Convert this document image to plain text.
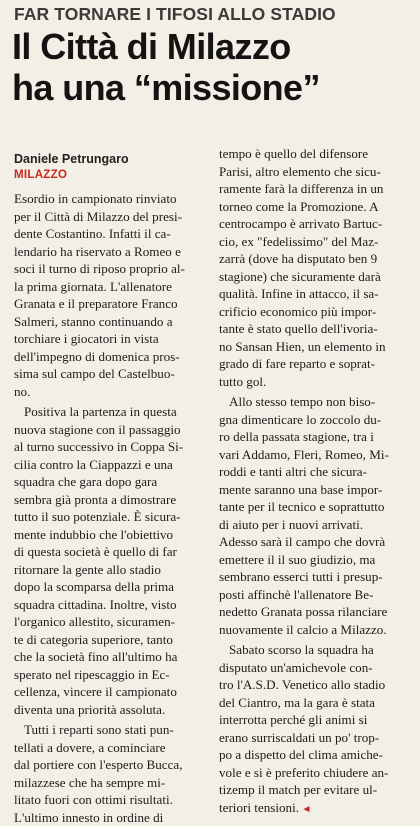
FAR TORNARE I TIFOSI ALLO STADIO
Il Città di Milazzo
ha una “missione”
Daniele Petrungaro
MILAZZO

Esordio in campionato rinviato

per il Città di Milazzo del presi-

dente Costantino. Infatti il ca-

lendario ha riservato a Romeo e

soci il turno di riposo proprio al-

la prima giornata. L'allenatore

Granata e il preparatore Franco

Salmeri, stanno continuando a

torchiare i giocatori in vista

dell'impegno di domenica pros-

sima sul campo del Castelbuo-

no.

Positiva la partenza in questa

nuova stagione con il passaggio

al turno successivo in Coppa Si-

cilia contro la Ciappazzi e una

squadra che gara dopo gara

sembra già pronta a dimostrare

tutto il suo potenziale. È sicura-

mente indubbio che l'obiettivo

di questa società è quello di far

ritornare la gente allo stadio

dopo la scomparsa della prima

squadra cittadina. Inoltre, visto

l'organico allestito, sicuramen-

te di categoria superiore, tanto

che la società fino all'ultimo ha

sperato nel ripescaggio in Ec-

cellenza, vincere il campionato

diventa una priorità assoluta.

Tutti i reparti sono stati pun-

tellati a dovere, a cominciare

dal portiere con l'esperto Bucca,

milazzese che ha sempre mi-

litato fuori con ottimi risultati.

L'ultimo innesto in ordine di

tempo è quello del difensore

Parisi, altro elemento che sicu-

ramente farà la differenza in un

torneo come la Promozione. A

centrocampo è arrivato Bartuc-

cio, ex "fedelissimo" del Maz-

zarrà (dove ha disputato ben 9

stagione) che sicuramente darà

qualità. Infine in attacco, il sa-

crificio economico più impor-

tante è stato quello dell'ivoria-

no Sansan Hien, un elemento in

grado di fare reparto e soprat-

tutto gol.

Allo stesso tempo non biso-

gna dimenticare lo zoccolo du-

ro della passata stagione, tra i

vari Addamo, Fleri, Romeo, Mi-

roddi e tanti altri che sicura-

mente saranno una base impor-

tante per il tecnico e soprattutto

di aiuto per i nuovi arrivati.

Adesso sarà il campo che dovrà

emettere il il suo giudizio, ma

sembrano esserci tutti i presup-

posti affinchè l'allenatore Be-

nedetto Granata possa rilanciare

nuovamente il calcio a Milazzo.

Sabato scorso la squadra ha

disputato un'amichevole con-

tro l'A.S.D. Venetico allo stadio

del Ciantro, ma la gara è stata

interrotta perché gli animi si

erano surriscaldati un po' trop-

po a dispetto del clima amiche-

vole e si è preferito chiudere an-

tizemp il match per evitare ul-

teriori tensioni. ◄
